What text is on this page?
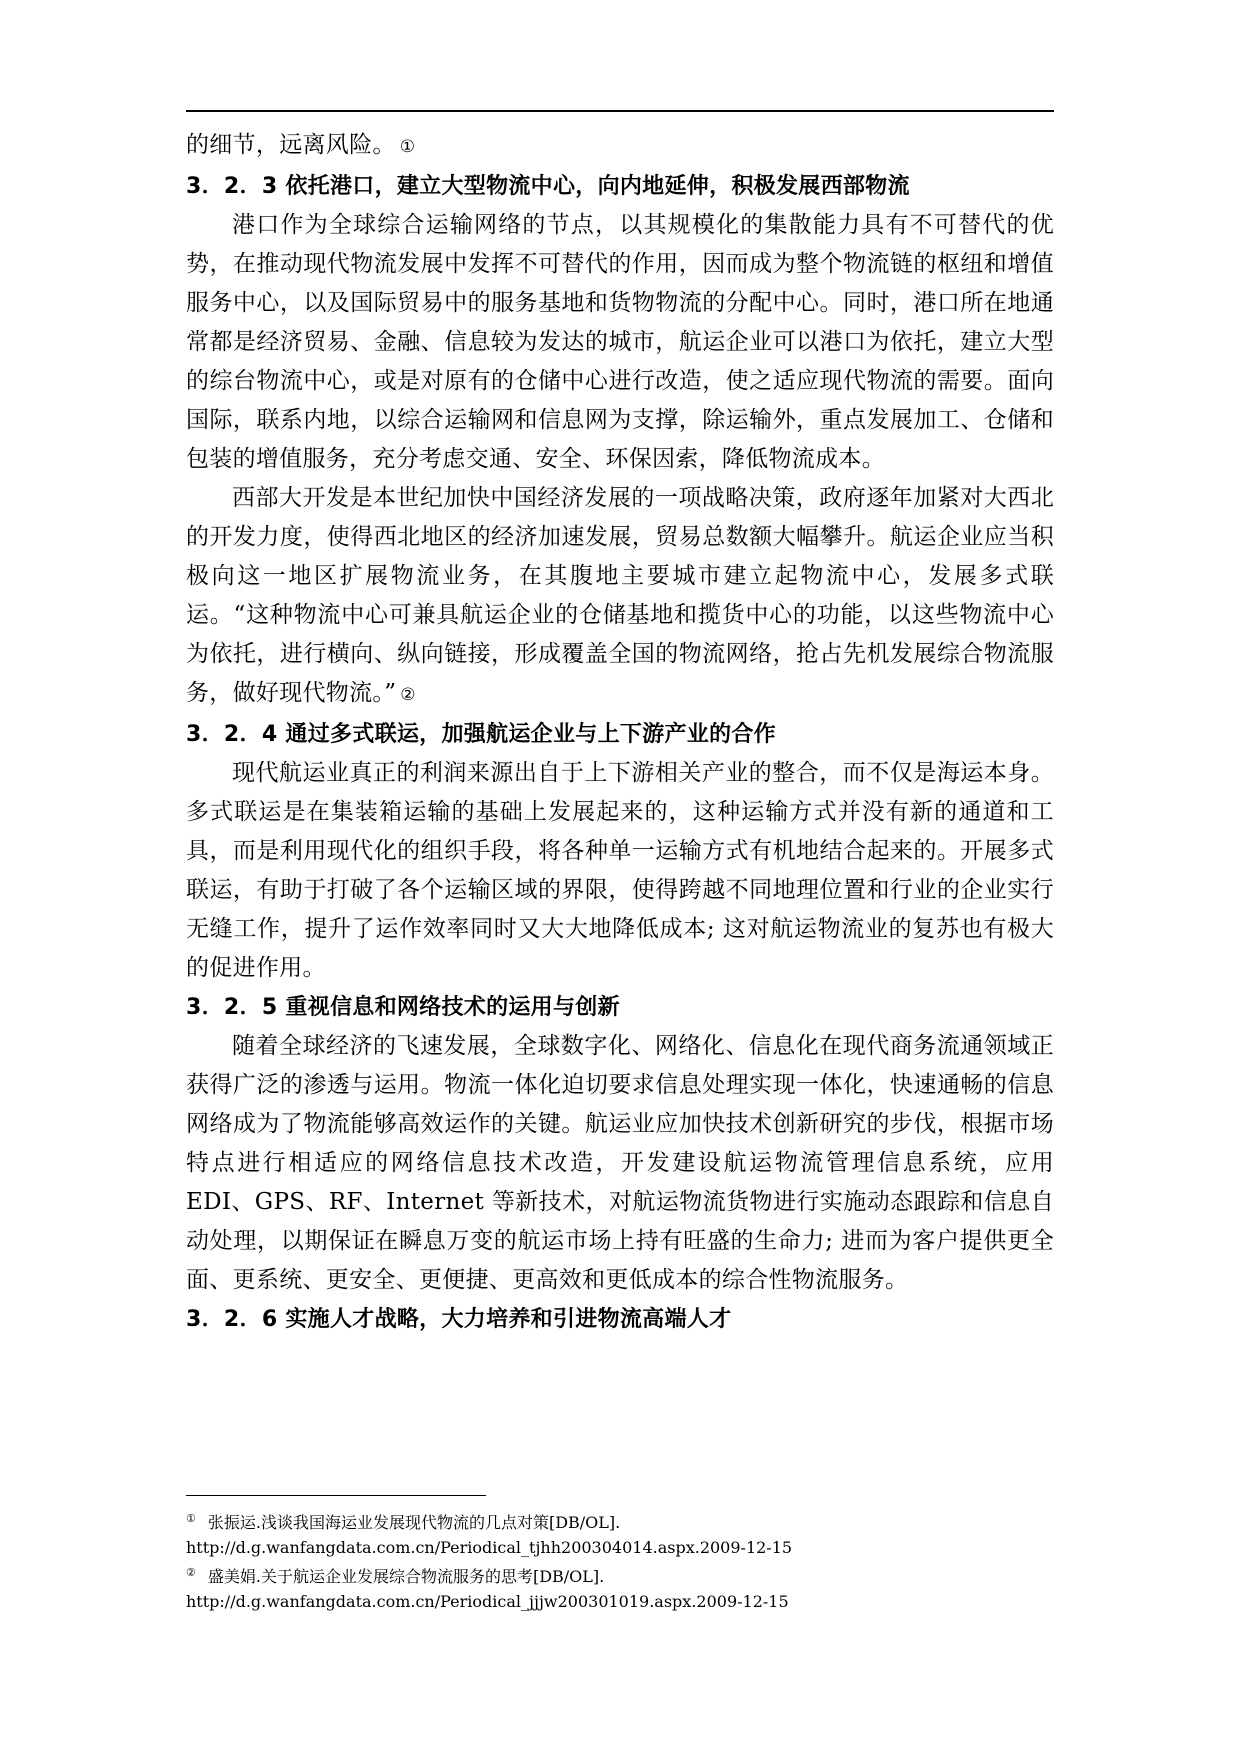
的细节，远离风险。 ①

3．2．3 依托港口，建立大型物流中心，向内地延伸，积极发展西部物流

港口作为全球综合运输网络的节点，以其规模化的集散能力具有不可替代的优势，在推动现代物流发展中发挥不可替代的作用，因而成为整个物流链的枢纽和增值服务中心，以及国际贸易中的服务基地和货物物流的分配中心。同时，港口所在地通常都是经济贸易、金融、信息较为发达的城市，航运企业可以港口为依托，建立大型的综台物流中心，或是对原有的仓储中心进行改造，使之适应现代物流的需要。面向国际，联系内地，以综合运输网和信息网为支撑，除运输外，重点发展加工、仓储和包装的增值服务，充分考虑交通、安全、环保因索，降低物流成本。

西部大开发是本世纪加快中国经济发展的一项战略决策，政府逐年加紧对大西北的开发力度，使得西北地区的经济加速发展，贸易总数额大幅攀升。航运企业应当积极向这一地区扩展物流业务，在其腹地主要城市建立起物流中心，发展多式联运。“这种物流中心可兼具航运企业的仓储基地和揽货中心的功能，以这些物流中心为依托，进行横向、纵向链接，形成覆盖全国的物流网络，抢占先机发展综合物流服务，做好现代物流。” ②

3．2．4 通过多式联运，加强航运企业与上下游产业的合作

现代航运业真正的利润来源出自于上下游相关产业的整合，而不仅是海运本身。多式联运是在集装箱运输的基础上发展起来的，这种运输方式并没有新的通道和工具，而是利用现代化的组织手段，将各种单一运输方式有机地结合起来的。开展多式联运，有助于打破了各个运输区域的界限，使得跨越不同地理位置和行业的企业实行无缝工作，提升了运作效率同时又大大地降低成本; 这对航运物流业的复苏也有极大的促进作用。

3．2．5 重视信息和网络技术的运用与创新

随着全球经济的飞速发展，全球数字化、网络化、信息化在现代商务流通领域正获得广泛的渗透与运用。物流一体化迫切要求信息处理实现一体化，快速通畅的信息网络成为了物流能够高效运作的关键。航运业应加快技术创新研究的步伐，根据市场特点进行相适应的网络信息技术改造，开发建设航运物流管理信息系统，应用 EDI、GPS、RF、Internet 等新技术，对航运物流货物进行实施动态跟踪和信息自动处理，以期保证在瞬息万变的航运市场上持有旺盛的生命力; 进而为客户提供更全面、更系统、更安全、更便捷、更高效和更低成本的综合性物流服务。

3．2．6 实施人才战略，大力培养和引进物流高端人才

① 张振运.浅谈我国海运业发展现代物流的几点对策[DB/OL].

http://d.g.wanfangdata.com.cn/Periodical_tjhh200304014.aspx.2009-12-15

② 盛美娟.关于航运企业发展综合物流服务的思考[DB/OL].

http://d.g.wanfangdata.com.cn/Periodical_jjjw200301019.aspx.2009-12-15
